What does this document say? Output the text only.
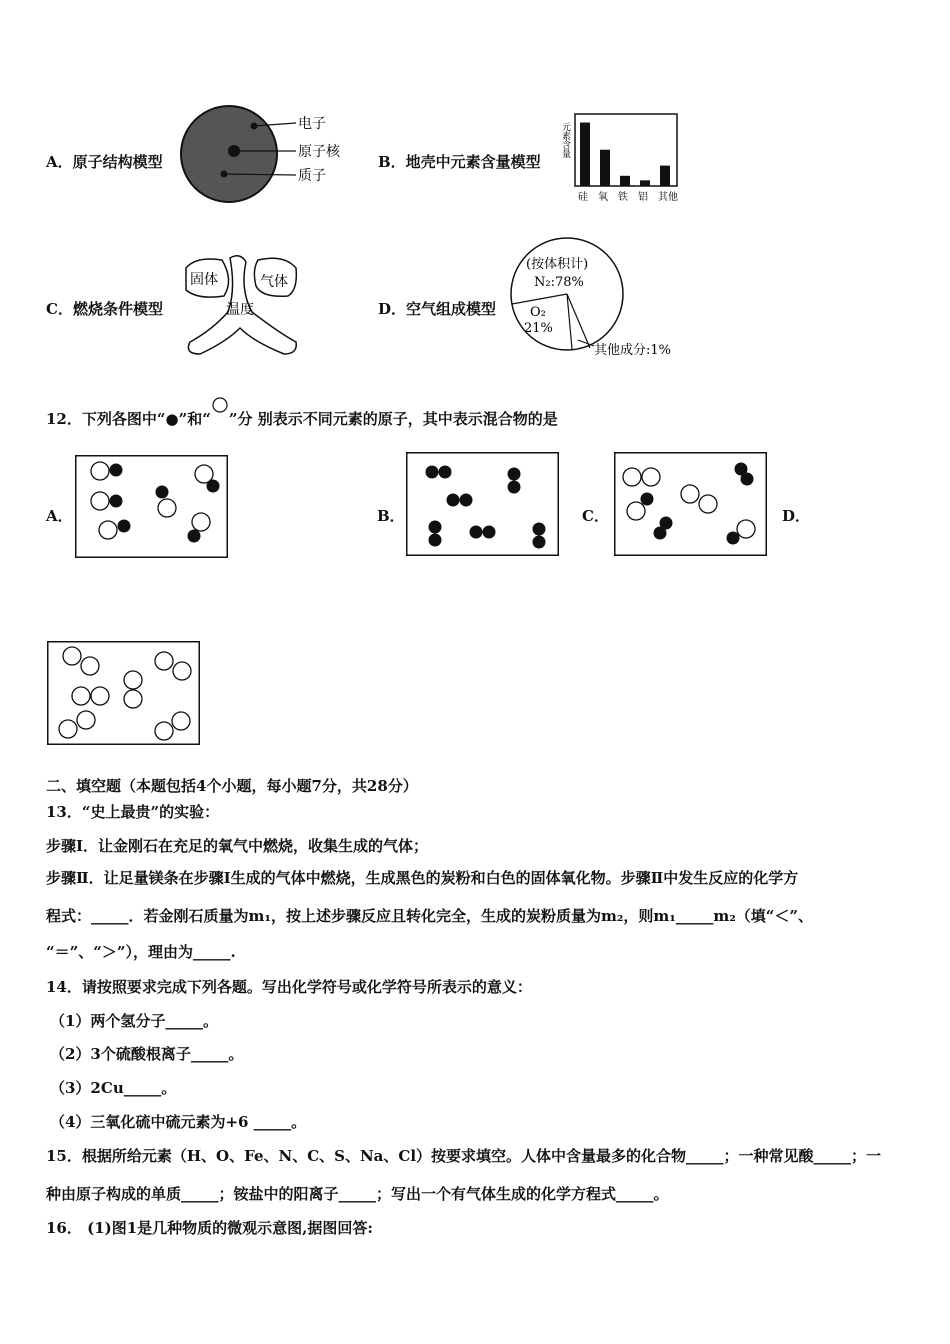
A．原子结构模型
电子
原子核
质子
B．地壳中元素含量模型
元素含量
硅 氧 铁 铝 其他
C．燃烧条件模型
固体	气体
温度	D．空气组成模型
(按体积计)
N₂:78%
O₂
21%
其他成分:1%
12．下列各图中“●”和“ ”分 别表示不同元素的原子，其中表示混合物的是
A．	B．	C．	D．
二、填空题（本题包括4个小题，每小题7分，共28分）
13．“史上最贵”的实验：
步骤Ⅰ．让金刚石在充足的氧气中燃烧，收集生成的气体；
步骤Ⅱ．让足量镁条在步骤Ⅰ生成的气体中燃烧，生成黑色的炭粉和白色的固体氧化物。步骤Ⅱ中发生反应的化学方
程式：_____．若金刚石质量为m₁，按上述步骤反应且转化完全，生成的炭粉质量为m₂，则m₁_____m₂（填“＜”、
“＝”、“＞”），理由为_____.
14．请按照要求完成下列各题。写出化学符号或化学符号所表示的意义：
（1）两个氢分子_____。
（2）3个硫酸根离子_____。
（3）2Cu_____。
（4）三氧化硫中硫元素为+6 _____。
15．根据所给元素（H、O、Fe、N、C、S、Na、Cl）按要求填空。人体中含量最多的化合物_____；一种常见酸_____；一
种由原子构成的单质_____；铵盐中的阳离子_____；写出一个有气体生成的化学方程式_____。
16． (1)图1是几种物质的微观示意图,据图回答:
